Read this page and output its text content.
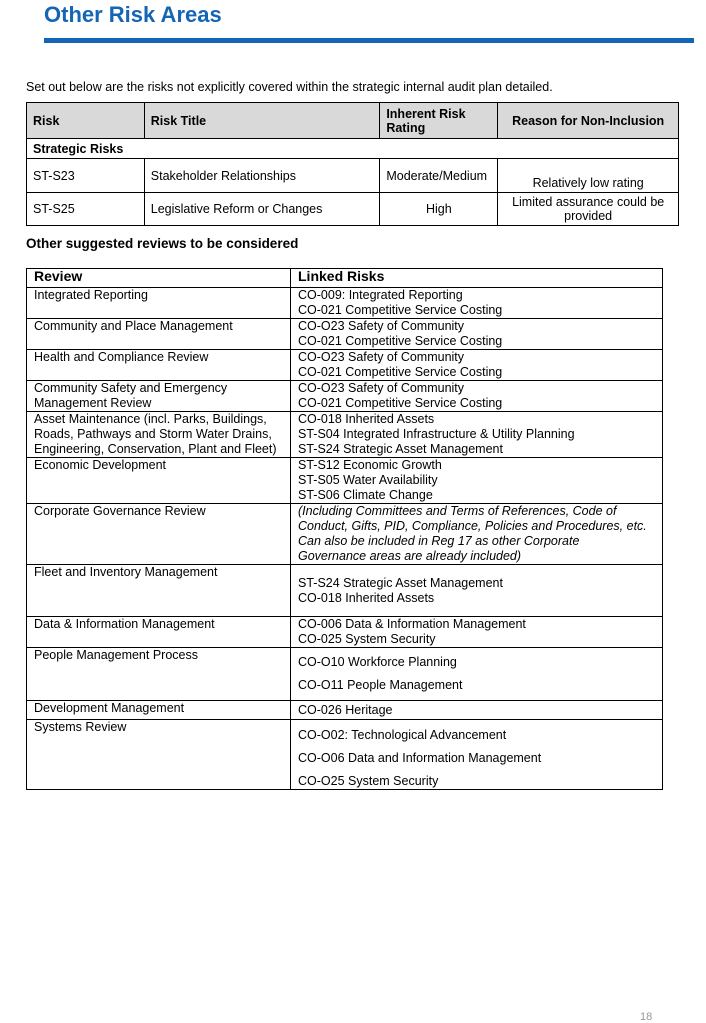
Other Risk Areas
Set out below are the risks not explicitly covered within the strategic internal audit plan detailed.
Risk	Risk Title	Inherent Risk Rating	Reason for Non-Inclusion
Strategic Risks			
ST-S23	Stakeholder Relationships	Moderate/Medium	Relatively low rating
ST-S25	Legislative Reform or Changes	High	Limited assurance could be provided
Other suggested reviews to be considered
Review	Linked Risks

Integrated Reporting	CO-009: Integrated Reporting
CO-021 Competitive Service Costing

Community and Place Management	CO-O23 Safety of Community
CO-021 Competitive Service Costing

Health and Compliance Review	CO-O23 Safety of Community
CO-021 Competitive Service Costing

Community Safety and Emergency
Management Review	CO-O23 Safety of Community
CO-021 Competitive Service Costing

Asset Maintenance (incl. Parks, Buildings,
Roads, Pathways and Storm Water Drains,
Engineering, Conservation, Plant and Fleet)	CO-018 Inherited Assets
ST-S04 Integrated Infrastructure & Utility Planning
ST-S24 Strategic Asset Management

Economic Development	ST-S12 Economic Growth
ST-S05 Water Availability
ST-S06 Climate Change

Corporate Governance Review	(Including Committees and Terms of References, Code of
Conduct, Gifts, PID, Compliance, Policies and Procedures, etc.
Can also be included in Reg 17 as other Corporate
Governance areas are already included)

Fleet and Inventory Management	ST-S24 Strategic Asset Management
CO-018 Inherited Assets

Data & Information Management	CO-006 Data & Information Management
CO-025 System Security

People Management Process	CO-O10 Workforce Planning
CO-O11 People Management

Development Management	CO-026 Heritage

Systems Review	CO-O02: Technological Advancement
CO-O06 Data and Information Management
CO-O25 System Security
18
